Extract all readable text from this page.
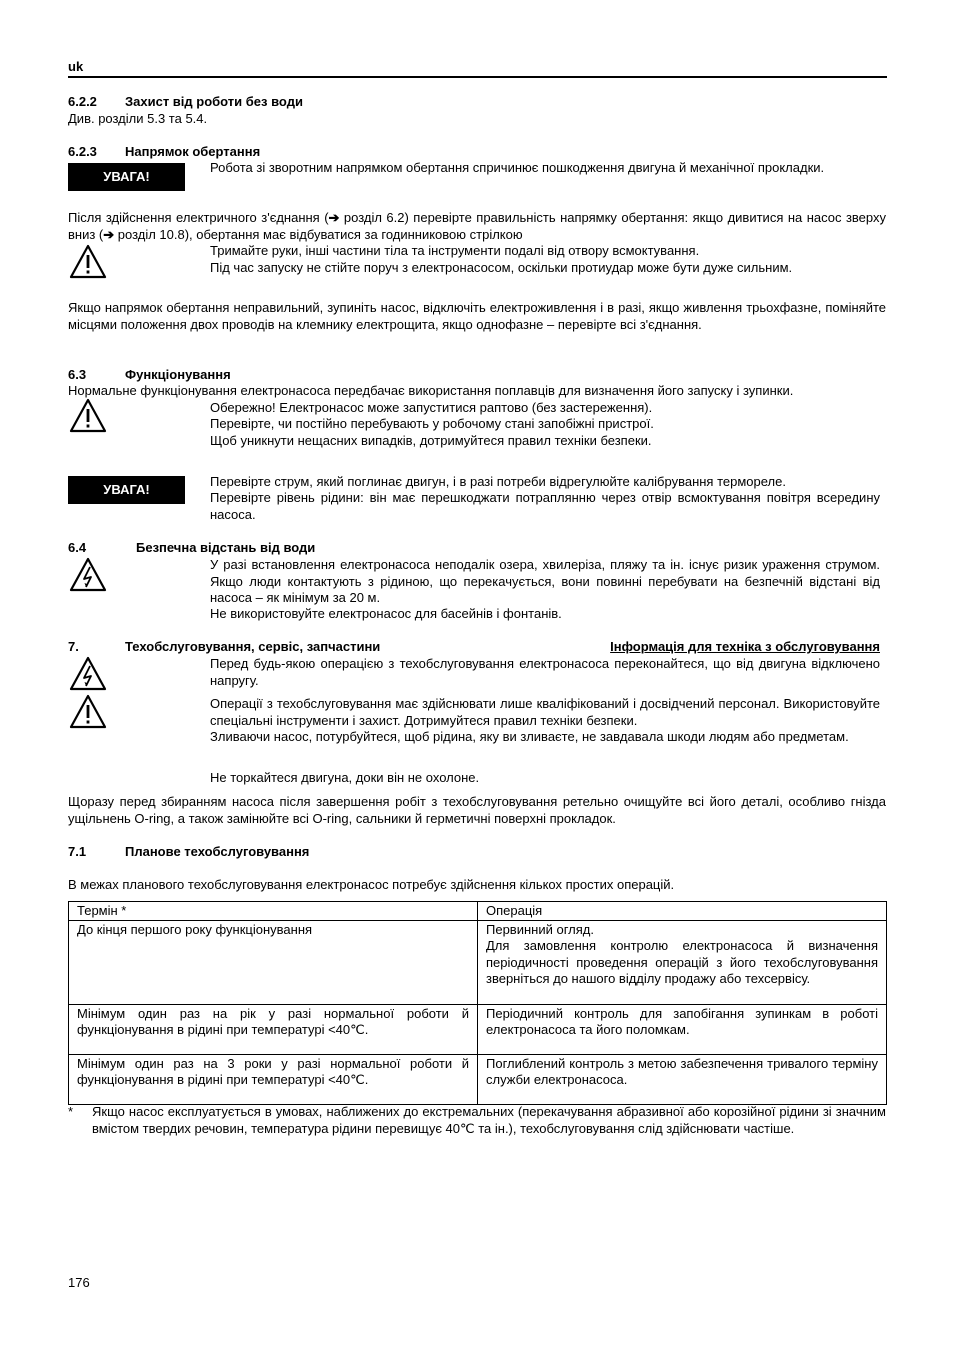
uk
6.2.2 Захист від роботи без води
Див. розділи 5.3 та 5.4.
6.2.3 Напрямок обертання
УВАГА!
Робота зі зворотним напрямком обертання спричинює пошкодження двигуна й механічної прокладки.
Після здійснення електричного з'єднання (➔ розділ 6.2) перевірте правильність напрямку обертання: якщо дивитися на насос зверху вниз (➔ розділ 10.8), обертання має відбуватися за годинниковою стрілкою
Тримайте руки, інші частини тіла та інструменти подалі від отвору всмоктування.
Під час запуску не стійте поруч з електронасосом, оскільки протиудар може бути дуже сильним.
Якщо напрямок обертання неправильний, зупиніть насос, відключіть електроживлення і в разі, якщо живлення трьохфазне, поміняйте місцями положення двох проводів на клемнику електрощита, якщо однофазне – перевірте всі з'єднання.
6.3	Функціонування
Нормальне функціонування електронасоса передбачає використання поплавців для визначення його запуску і зупинки.
Обережно! Електронасос може запуститися раптово (без застереження).
Перевірте, чи постійно перебувають у робочому стані запобіжні пристрої.
Щоб уникнути нещасних випадків, дотримуйтеся правил техніки безпеки.
УВАГА!
Перевірте струм, який поглинає двигун, і в разі потреби відрегулюйте калібрування термореле.
Перевірте рівень рідини: він має перешкоджати потраплянню через отвір всмоктування повітря всередину насоса.
6.4	Безпечна відстань від води
У разі встановлення електронасоса неподалік озера, хвилеріза, пляжу та ін. існує ризик ураження струмом. Якщо люди контактують з рідиною, що перекачується, вони повинні перебувати на безпечній відстані від насоса – як мінімум за 20 м.
Не використовуйте електронасос для басейнів і фонтанів.
7.	Техобслуговування, сервіс, запчастини	Інформація для техніка з обслуговування
Перед будь-якою операцією з техобслуговування електронасоса переконайтеся, що від двигуна відключено напругу.
Операції з техобслуговування має здійснювати лише кваліфікований і досвідчений персонал. Використовуйте спеціальні інструменти і захист. Дотримуйтеся правил техніки безпеки.
Зливаючи насос, потурбуйтеся, щоб рідина, яку ви зливаєте, не завдавала шкоди людям або предметам.
Не торкайтеся двигуна, доки він не охолоне.
Щоразу перед збиранням насоса після завершення робіт з техобслуговування ретельно очищуйте всі його деталі, особливо гнізда ущільнень O-ring, а також замінюйте всі O-ring, сальники й герметичні поверхні прокладок.
7.1	Планове техобслуговування
В межах планового техобслуговування електронасос потребує здійснення кількох простих операцій.
Термін *	Операція
До кінця першого року функціонування	Первинний огляд.
Для замовлення контролю електронасоса й визначення періодичності проведення операцій з його техобслуговування зверніться до нашого відділу продажу або техсервісу.

Мінімум один раз на рік у разі нормальної роботи й функціонування в рідині при температурі <40℃.	Періодичний контроль для запобігання зупинкам в роботі електронасоса та його поломкам.
Мінімум один раз на 3 роки у разі нормальної роботи й функціонування в рідині при температурі <40℃.	Поглиблений контроль з метою забезпечення тривалого терміну служби електронасоса.
* Якщо насос експлуатується в умовах, наближених до екстремальних (перекачування абразивної або корозійної рідини зі значним вмістом твердих речовин, температура рідини перевищує 40℃ та ін.), техобслуговування слід здійснювати частіше.
176
